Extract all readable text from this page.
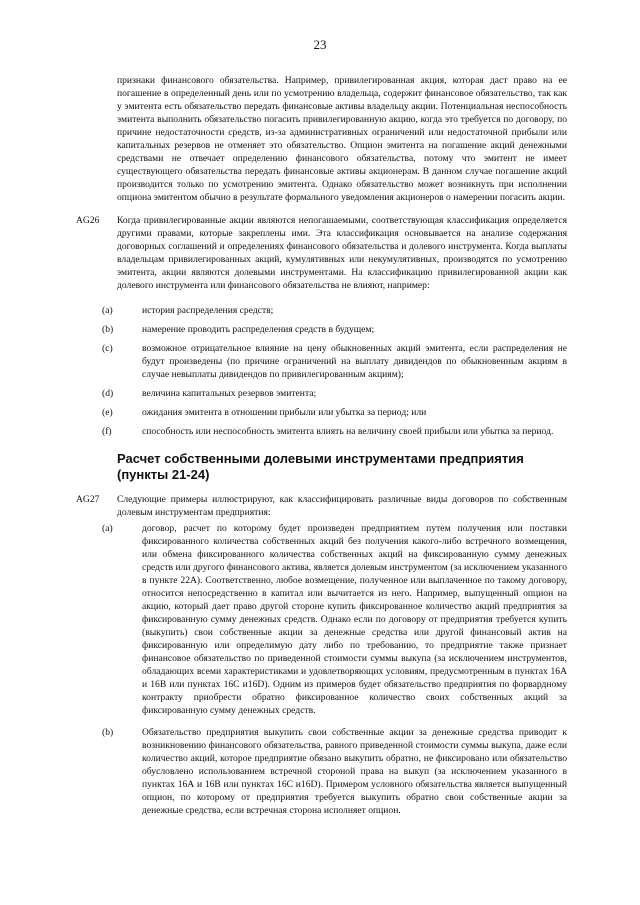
23

признаки финансового обязательства. Например, привилегированная акция, которая даст право на ее погашение в определенный день или по усмотрению владельца, содержит финансовое обязательство, так как у эмитента есть обязательство передать финансовые активы владельцу акции. Потенциальная неспособность эмитента выполнить обязательство погасить привилегированную акцию, когда это требуется по договору, по причине недостаточности средств, из-за административных ограничений или недостаточной прибыли или капитальных резервов не отменяет это обязательство. Опцион эмитента на погашение акций денежными средствами не отвечает определению финансового обязательства, потому что эмитент не имеет существующего обязательства передать финансовые активы акционерам. В данном случае погашение акций производится только по усмотрению эмитента. Однако обязательство может возникнуть при исполнении опциона эмитентом обычно в результате формального уведомления акционеров о намерении погасить акции.

AG26	Когда привилегированные акции являются непогашаемыми, соответствующая классификация определяется другими правами, которые закреплены ими. Эта классификация основывается на анализе содержания договорных соглашений и определениях финансового обязательства и долевого инструмента. Когда выплаты владельцам привилегированных акций, кумулятивных или некумулятивных, производятся по усмотрению эмитента, акции являются долевыми инструментами. На классификацию привилегированной акции как долевого инструмента или финансового обязательства не влияют, например:

(a)	история распределения средств;

(b)	намерение проводить распределения средств в будущем;

(c)	возможное отрицательное влияние на цену обыкновенных акций эмитента, если распределения не будут произведены (по причине ограничений на выплату дивидендов по обыкновенным акциям в случае невыплаты дивидендов по привилегированным акциям);

(d)	величина капитальных резервов эмитента;

(e)	ожидания эмитента в отношении прибыли или убытка за период; или

(f)	способность или неспособность эмитента влиять на величину своей прибыли или убытка за период.

Расчет собственными долевыми инструментами предприятия (пункты 21-24)
AG27	Следующие примеры иллюстрируют, как классифицировать различные виды договоров по собственным долевым инструментам предприятия:

(a)	договор, расчет по которому будет произведен предприятием путем получения или поставки фиксированного количества собственных акций без получения какого-либо встречного возмещения, или обмена фиксированного количества собственных акций на фиксированную сумму денежных средств или другого финансового актива, является долевым инструментом (за исключением указанного в пункте 22А). Соответственно, любое возмещение, полученное или выплаченное по такому договору, относится непосредственно в капитал или вычитается из него. Например, выпущенный опцион на акцию, который дает право другой стороне купить фиксированное количество акций предприятия за фиксированную сумму денежных средств. Однако если по договору от предприятия требуется купить (выкупить) свои собственные акции за денежные средства или другой финансовый актив на фиксированную или определимую дату либо по требованию, то предприятие также признает финансовое обязательство по приведенной стоимости суммы выкупа (за исключением инструментов, обладающих всеми характеристиками и удовлетворяющих условиям, предусмотренным в пунктах 16А и 16В или пунктах 16С и16D). Одним из примеров будет обязательство предприятия по форвардному контракту приобрести обратно фиксированное количество своих собственных акций за фиксированную сумму денежных средств.

(b)	Обязательство предприятия выкупить свои собственные акции за денежные средства приводит к возникновению финансового обязательства, равного приведенной стоимости суммы выкупа, даже если количество акций, которое предприятие обязано выкупить обратно, не фиксировано или обязательство обусловлено использованием встречной стороной права на выкуп (за исключением указанного в пунктах 16А и 16В или пунктах 16С и16D). Примером условного обязательства является выпущенный опцион, по которому от предприятия требуется выкупить обратно свои собственные акции за денежные средства, если встречная сторона исполняет опцион.
